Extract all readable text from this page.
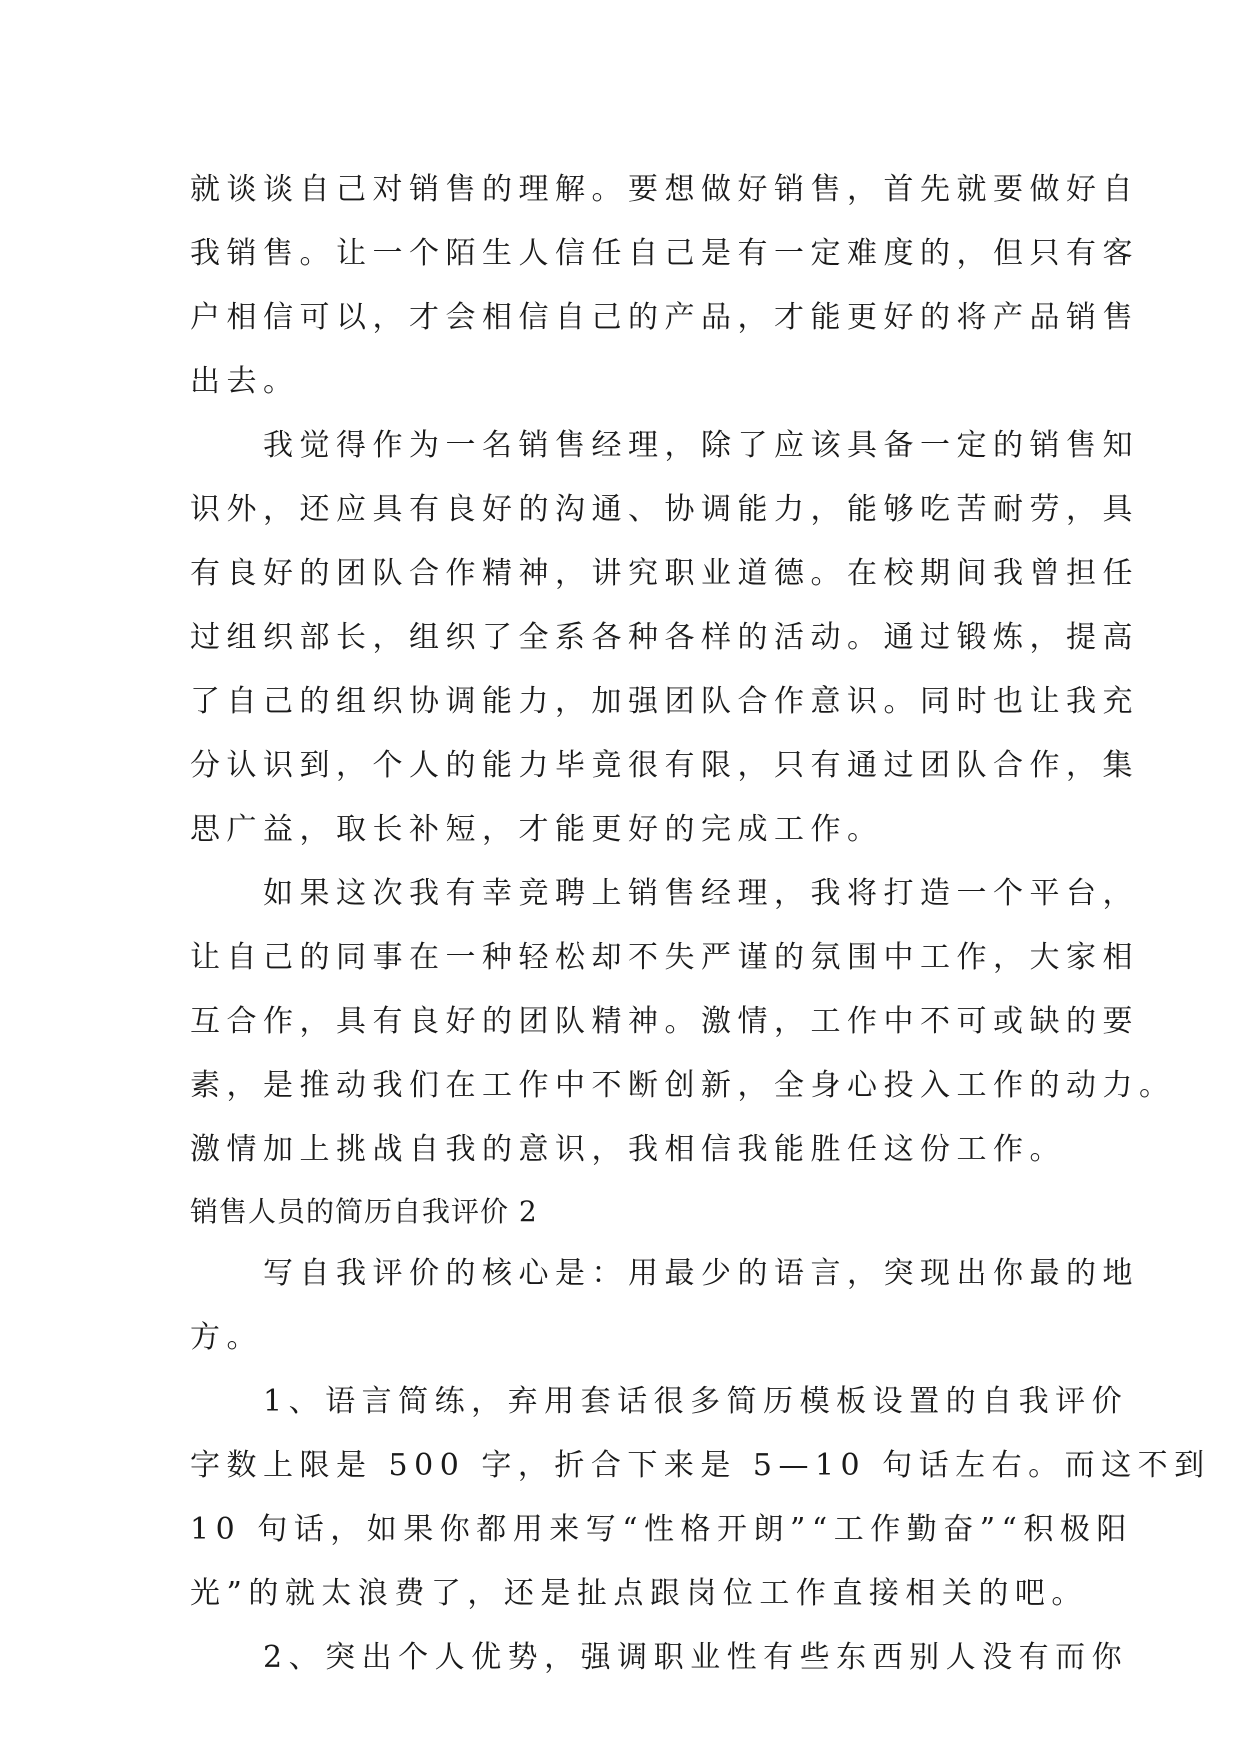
就谈谈自己对销售的理解。要想做好销售，首先就要做好自
我销售。让一个陌生人信任自己是有一定难度的，但只有客
户相信可以，才会相信自己的产品，才能更好的将产品销售
出去。
　　我觉得作为一名销售经理，除了应该具备一定的销售知
识外，还应具有良好的沟通、协调能力，能够吃苦耐劳，具
有良好的团队合作精神，讲究职业道德。在校期间我曾担任
过组织部长，组织了全系各种各样的活动。通过锻炼，提高
了自己的组织协调能力，加强团队合作意识。同时也让我充
分认识到，个人的能力毕竟很有限，只有通过团队合作，集
思广益，取长补短，才能更好的完成工作。
　　如果这次我有幸竞聘上销售经理，我将打造一个平台，
让自己的同事在一种轻松却不失严谨的氛围中工作，大家相
互合作，具有良好的团队精神。激情，工作中不可或缺的要
素，是推动我们在工作中不断创新，全身心投入工作的动力。
激情加上挑战自我的意识，我相信我能胜任这份工作。
销售人员的简历自我评价 2
　　写自我评价的核心是：用最少的语言，突现出你最的地
方。
　　1、语言简练，弃用套话很多简历模板设置的自我评价
字数上限是 500 字，折合下来是 5—10 句话左右。而这不到
10 句话，如果你都用来写“性格开朗”“工作勤奋”“积极阳
光”的就太浪费了，还是扯点跟岗位工作直接相关的吧。
　　2、突出个人优势，强调职业性有些东西别人没有而你
